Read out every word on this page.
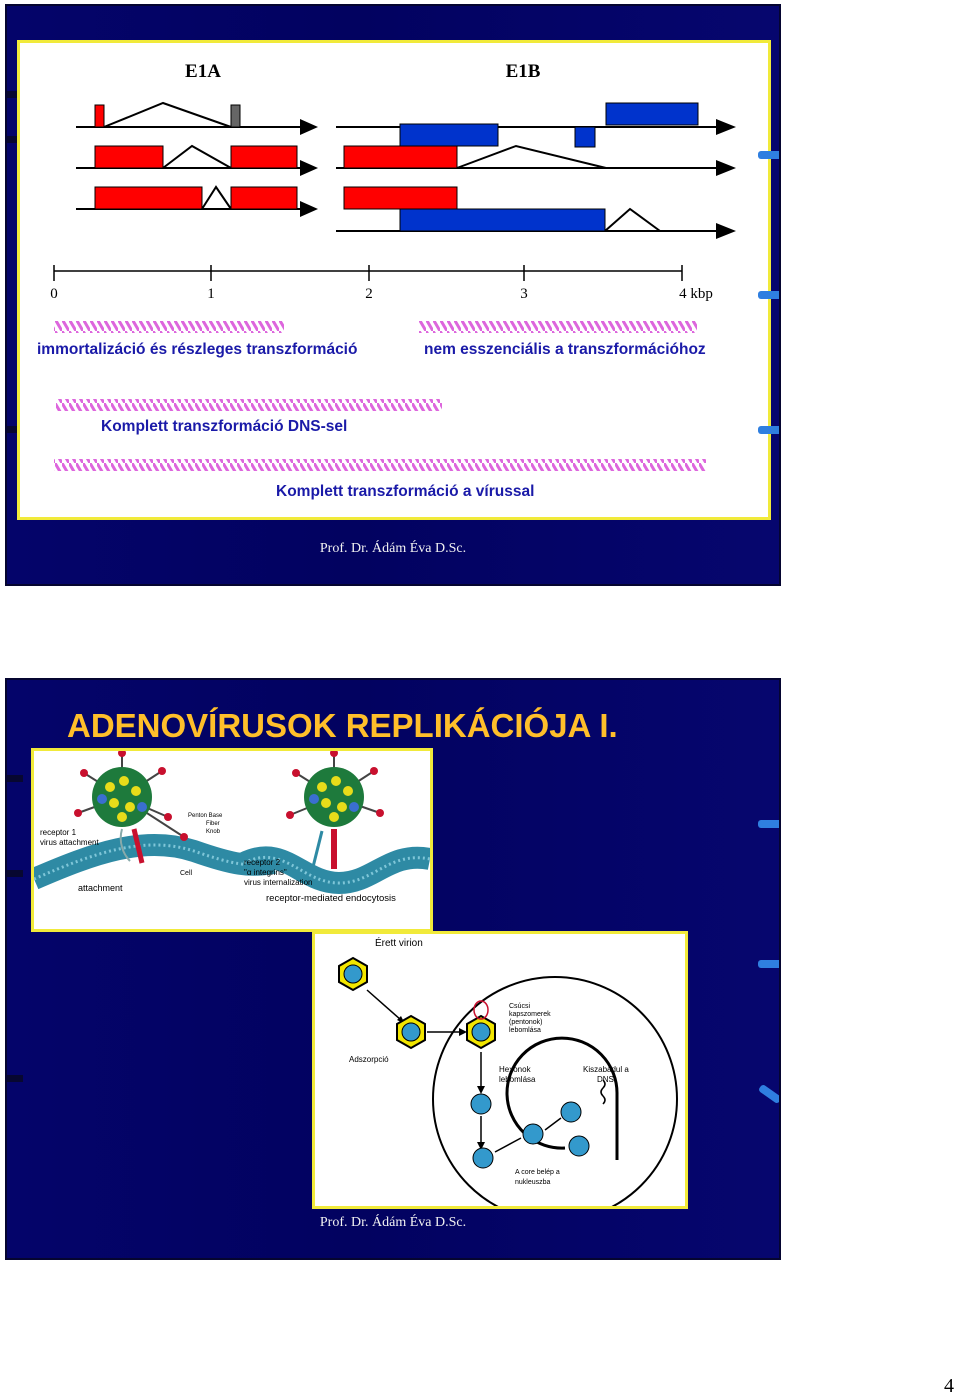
E1A	E1B
0	1	2	3	4 kbp
immortalizáció és részleges transzformáció	nem esszenciális a transzformációhoz
Komplett transzformáció DNS-sel
Komplett transzformáció a vírussal
Prof. Dr. Ádám Éva D.Sc.
ADENOVÍRUSOK REPLIKÁCIÓJA I.
receptor 1
virus attachment
Penton Base
Fiber
Knob
Cell
attachment
receptor 2
"α integrins"
virus internalization
receptor-mediated endocytosis
Érett virion
Adszorpció
Csúcsi
kapszomerek
(pentonok)
lebomlása
Hexonok
lebomlása
Kiszabadul a
DNS
A core belép a
nukleuszba
Prof. Dr. Ádám Éva D.Sc.
4
